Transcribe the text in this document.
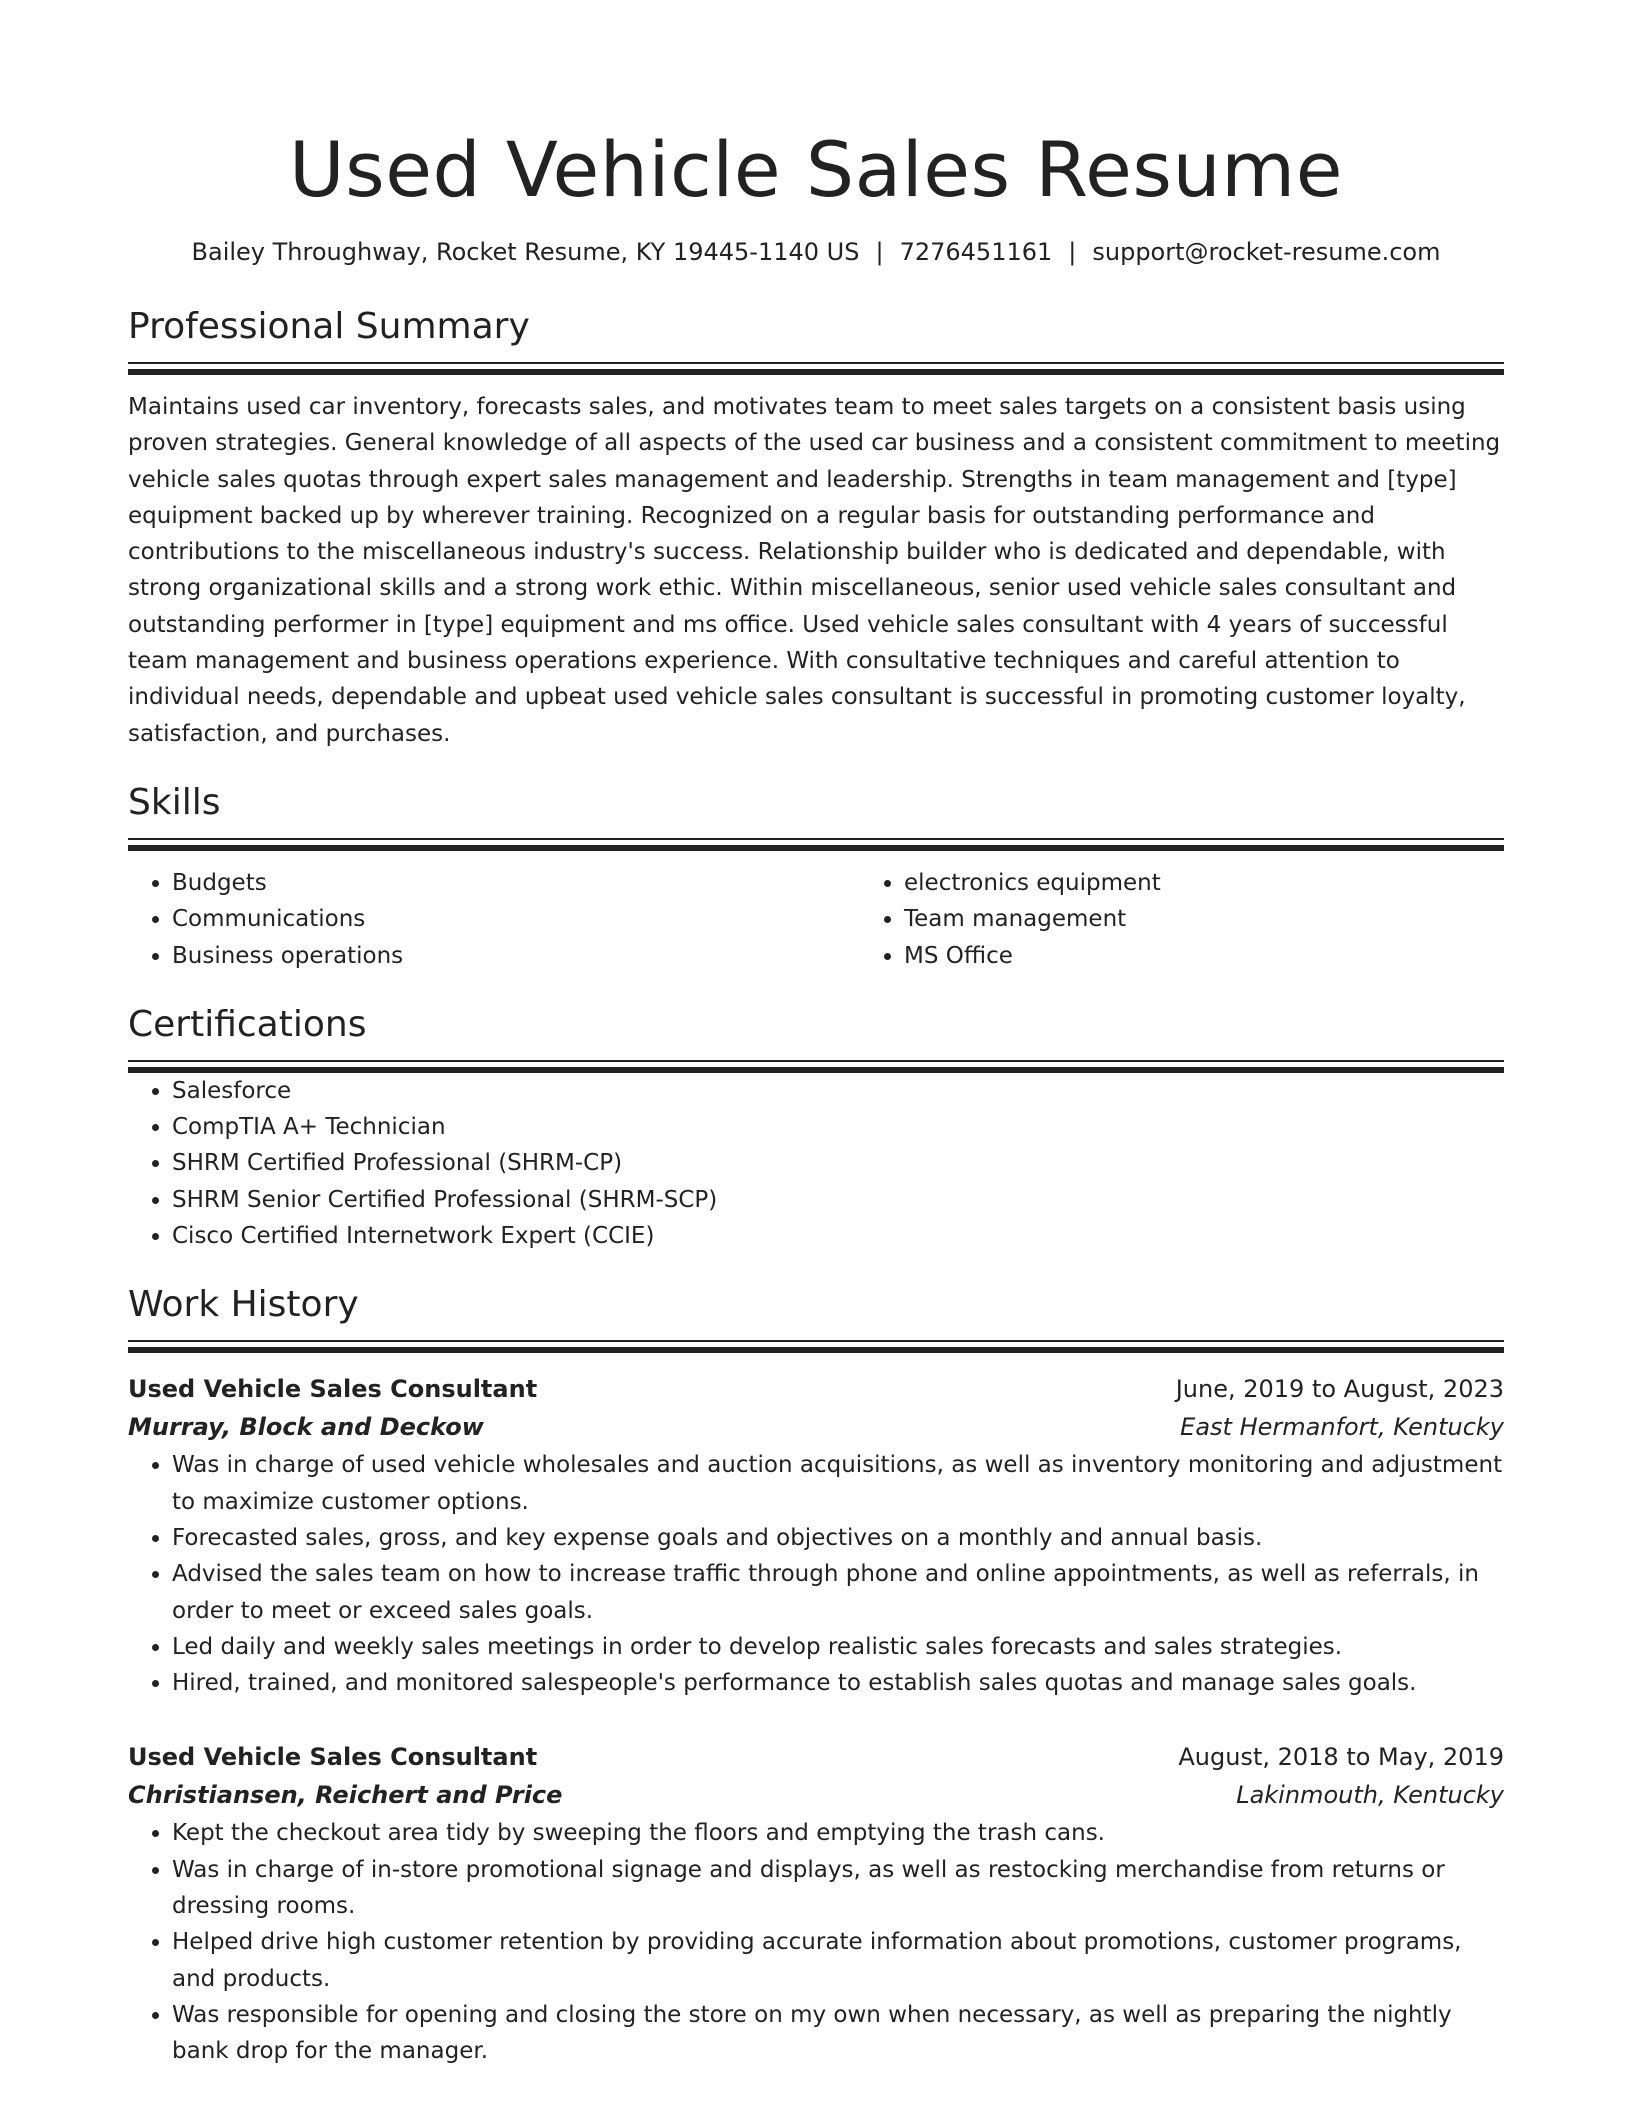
Used Vehicle Sales Resume
Bailey Throughway, Rocket Resume, KY 19445-1140 US | 7276451161 | support@rocket-resume.com
Professional Summary
Maintains used car inventory, forecasts sales, and motivates team to meet sales targets on a consistent basis using proven strategies. General knowledge of all aspects of the used car business and a consistent commitment to meeting vehicle sales quotas through expert sales management and leadership. Strengths in team management and [type] equipment backed up by wherever training. Recognized on a regular basis for outstanding performance and contributions to the miscellaneous industry's success. Relationship builder who is dedicated and dependable, with strong organizational skills and a strong work ethic. Within miscellaneous, senior used vehicle sales consultant and outstanding performer in [type] equipment and ms office. Used vehicle sales consultant with 4 years of successful team management and business operations experience. With consultative techniques and careful attention to individual needs, dependable and upbeat used vehicle sales consultant is successful in promoting customer loyalty, satisfaction, and purchases.
Skills
• Budgets
• Communications
• Business operations
• electronics equipment
• Team management
• MS Office
Certifications
• Salesforce
• CompTIA A+ Technician
• SHRM Certified Professional (SHRM-CP)
• SHRM Senior Certified Professional (SHRM-SCP)
• Cisco Certified Internetwork Expert (CCIE)
Work History
Used Vehicle Sales Consultant	June, 2019 to August, 2023
Murray, Block and Deckow	East Hermanfort, Kentucky
• Was in charge of used vehicle wholesales and auction acquisitions, as well as inventory monitoring and adjustment to maximize customer options.
• Forecasted sales, gross, and key expense goals and objectives on a monthly and annual basis.
• Advised the sales team on how to increase traffic through phone and online appointments, as well as referrals, in order to meet or exceed sales goals.
• Led daily and weekly sales meetings in order to develop realistic sales forecasts and sales strategies.
• Hired, trained, and monitored salespeople's performance to establish sales quotas and manage sales goals.
Used Vehicle Sales Consultant	August, 2018 to May, 2019
Christiansen, Reichert and Price	Lakinmouth, Kentucky
• Kept the checkout area tidy by sweeping the floors and emptying the trash cans.
• Was in charge of in-store promotional signage and displays, as well as restocking merchandise from returns or dressing rooms.
• Helped drive high customer retention by providing accurate information about promotions, customer programs, and products.
• Was responsible for opening and closing the store on my own when necessary, as well as preparing the nightly bank drop for the manager.
